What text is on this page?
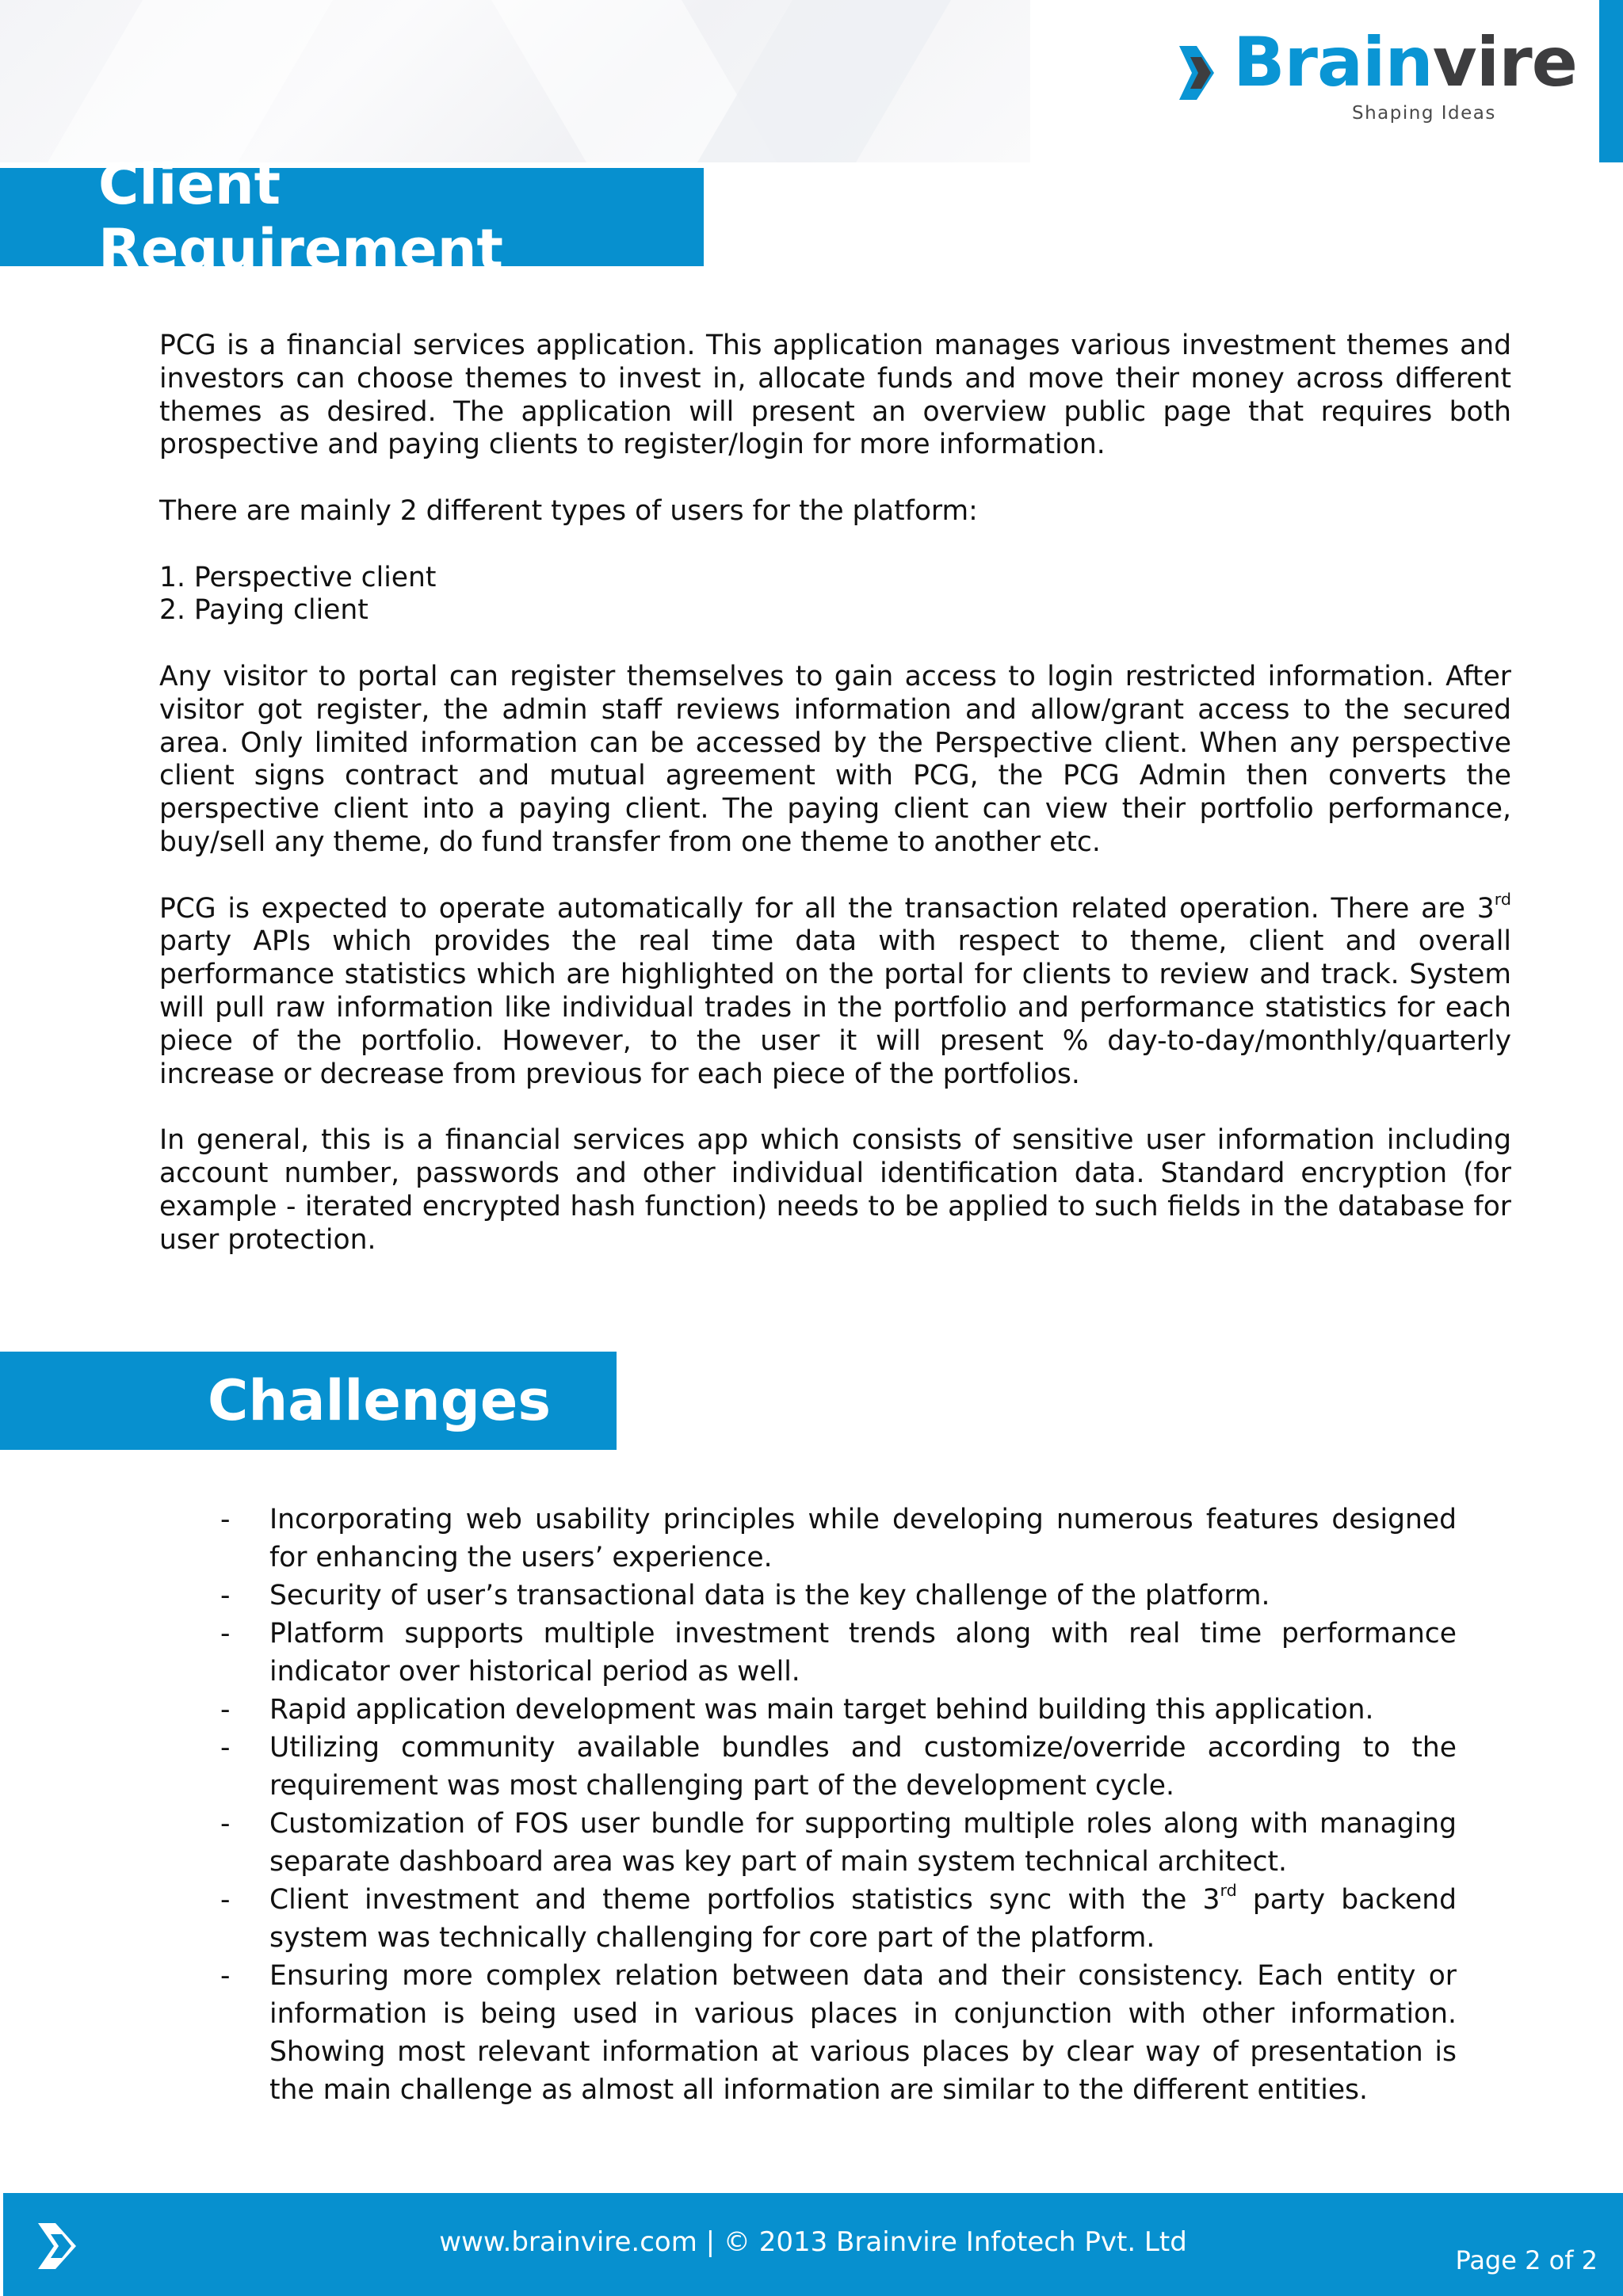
Brainvire
Shaping Ideas
Client Requirement

PCG is a financial services application. This application manages various investment themes and investors can choose themes to invest in, allocate funds and move their money across different themes as desired. The application will present an overview public page that requires both prospective and paying clients to register/login for more information.

There are mainly 2 different types of users for the platform:

1. Perspective client
2. Paying client

Any visitor to portal can register themselves to gain access to login restricted information. After visitor got register, the admin staff reviews information and allow/grant access to the secured area. Only limited information can be accessed by the Perspective client. When any perspective client signs contract and mutual agreement with PCG, the PCG Admin then converts the perspective client into a paying client. The paying client can view their portfolio performance, buy/sell any theme, do fund transfer from one theme to another etc.

PCG is expected to operate automatically for all the transaction related operation. There are 3rd party APIs which provides the real time data with respect to theme, client and overall performance statistics which are highlighted on the portal for clients to review and track. System will pull raw information like individual trades in the portfolio and performance statistics for each piece of the portfolio. However, to the user it will present % day-to-day/monthly/quarterly increase or decrease from previous for each piece of the portfolios.

In general, this is a financial services app which consists of sensitive user information including account number, passwords and other individual identification data. Standard encryption (for example - iterated encrypted hash function) needs to be applied to such fields in the database for user protection.

Challenges
- Incorporating web usability principles while developing numerous features designed for enhancing the users’ experience.
- Security of user’s transactional data is the key challenge of the platform.
- Platform supports multiple investment trends along with real time performance indicator over historical period as well.
- Rapid application development was main target behind building this application.
- Utilizing community available bundles and customize/override according to the requirement was most challenging part of the development cycle.
- Customization of FOS user bundle for supporting multiple roles along with managing separate dashboard area was key part of main system technical architect.
- Client investment and theme portfolios statistics sync with the 3rd party backend system was technically challenging for core part of the platform.
- Ensuring more complex relation between data and their consistency. Each entity or information is being used in various places in conjunction with other information. Showing most relevant information at various places by clear way of presentation is the main challenge as almost all information are similar to the different entities.
www.brainvire.com | © 2013 Brainvire Infotech Pvt. Ltd
Page 2 of 2
